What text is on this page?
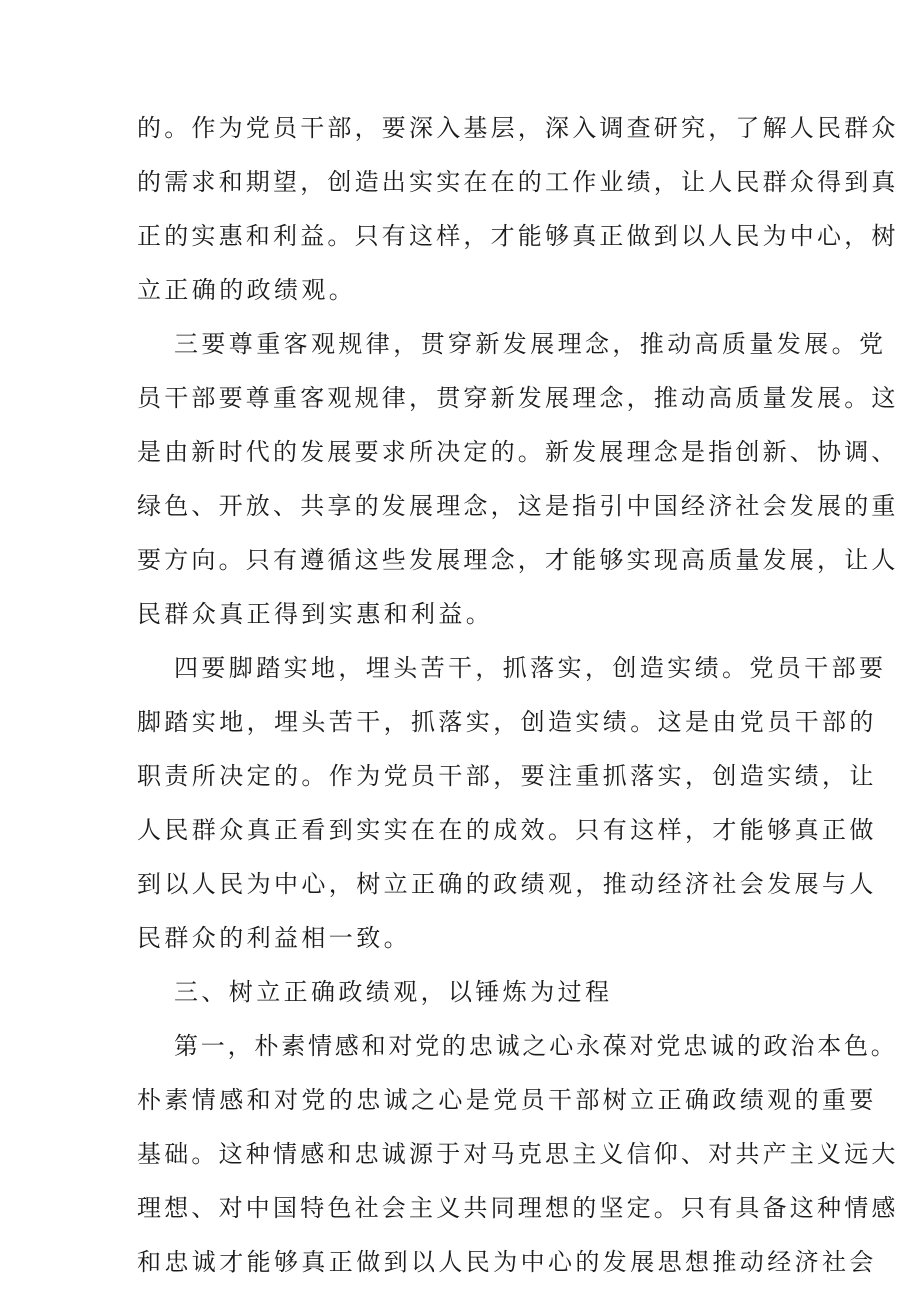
的。作为党员干部，要深入基层，深入调查研究，了解人民群众
的需求和期望，创造出实实在在的工作业绩，让人民群众得到真
正的实惠和利益。只有这样，才能够真正做到以人民为中心，树
立正确的政绩观。
三要尊重客观规律，贯穿新发展理念，推动高质量发展。党
员干部要尊重客观规律，贯穿新发展理念，推动高质量发展。这
是由新时代的发展要求所决定的。新发展理念是指创新、协调、
绿色、开放、共享的发展理念，这是指引中国经济社会发展的重
要方向。只有遵循这些发展理念，才能够实现高质量发展，让人
民群众真正得到实惠和利益。
四要脚踏实地，埋头苦干，抓落实，创造实绩。党员干部要
脚踏实地，埋头苦干，抓落实，创造实绩。这是由党员干部的
职责所决定的。作为党员干部，要注重抓落实，创造实绩，让
人民群众真正看到实实在在的成效。只有这样，才能够真正做
到以人民为中心，树立正确的政绩观，推动经济社会发展与人
民群众的利益相一致。
三、树立正确政绩观，以锤炼为过程
第一，朴素情感和对党的忠诚之心永葆对党忠诚的政治本色。
朴素情感和对党的忠诚之心是党员干部树立正确政绩观的重要
基础。这种情感和忠诚源于对马克思主义信仰、对共产主义远大
理想、对中国特色社会主义共同理想的坚定。只有具备这种情感
和忠诚才能够真正做到以人民为中心的发展思想推动经济社会
